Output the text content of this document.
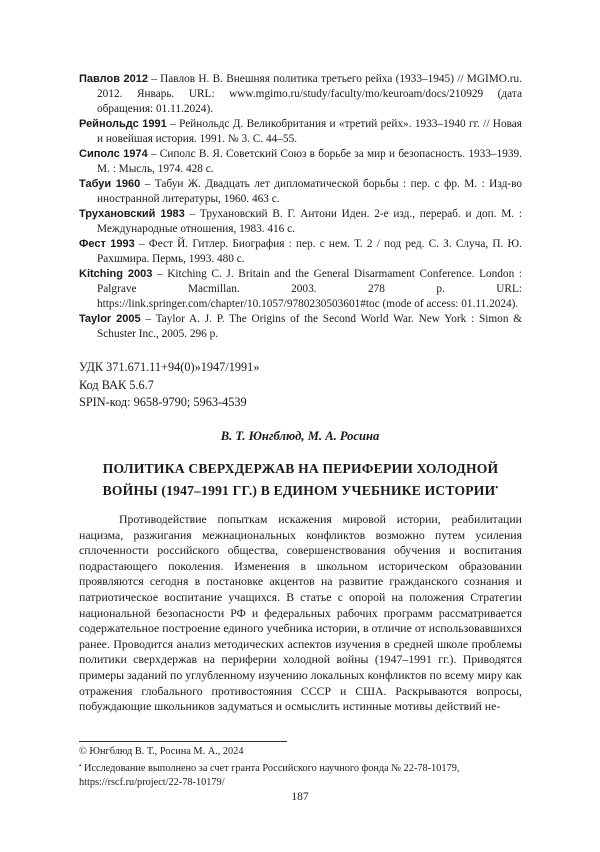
Павлов 2012 – Павлов Н. В. Внешняя политика третьего рейха (1933–1945) // MGIMO.ru. 2012. Январь. URL: www.mgimo.ru/study/faculty/mo/keuroam/docs/210929 (дата обращения: 01.11.2024).

Рейнольдс 1991 – Рейнольдс Д. Великобритания и «третий рейх». 1933–1940 гг. // Новая и новейшая история. 1991. № 3. С. 44–55.

Сиполс 1974 – Сиполс В. Я. Советский Союз в борьбе за мир и безопасность. 1933–1939. М. : Мысль, 1974. 428 с.

Табуи 1960 – Табуи Ж. Двадцать лет дипломатической борьбы : пер. с фр. М. : Изд-во иностранной литературы, 1960. 463 с.

Трухановский 1983 – Трухановский В. Г. Антони Иден. 2-е изд., перераб. и доп. М. : Международные отношения, 1983. 416 с.

Фест 1993 – Фест Й. Гитлер. Биография : пер. с нем. Т. 2 / под ред. С. З. Случа, П. Ю. Рахшмира. Пермь, 1993. 480 с.

Kitching 2003 – Kitching C. J. Britain and the General Disarmament Conference. London : Palgrave Macmillan. 2003. 278 p. URL: https://link.springer.com/chapter/10.1057/9780230503601#toc (mode of access: 01.11.2024).

Taylor 2005 – Taylor A. J. P. The Origins of the Second World War. New York : Simon & Schuster Inc., 2005. 296 p.

УДК 371.671.11+94(0)»1947/1991»
Код ВАК 5.6.7
SPIN-код: 9658-9790; 5963-4539
В. Т. Юнгблюд, М. А. Росина
ПОЛИТИКА СВЕРХДЕРЖАВ НА ПЕРИФЕРИИ ХОЛОДНОЙ ВОЙНЫ (1947–1991 ГГ.) В ЕДИНОМ УЧЕБНИКЕ ИСТОРИИ•

Противодействие попыткам искажения мировой истории, реабилитации нацизма, разжигания межнациональных конфликтов возможно путем усиления сплоченности российского общества, совершенствования обучения и воспитания подрастающего поколения. Изменения в школьном историческом образовании проявляются сегодня в постановке акцентов на развитие гражданского сознания и патриотическое воспитание учащихся. В статье с опорой на положения Стратегии национальной безопасности РФ и федеральных рабочих программ рассматривается содержательное построение единого учебника истории, в отличие от использовавшихся ранее. Проводится анализ методических аспектов изучения в средней школе проблемы политики сверхдержав на периферии холодной войны (1947–1991 гг.). Приводятся примеры заданий по углубленному изучению локальных конфликтов по всему миру как отражения глобального противостояния СССР и США. Раскрываются вопросы, побуждающие школьников задуматься и осмыслить истинные мотивы действий не-

© Юнгблюд В. Т., Росина М. А., 2024
• Исследование выполнено за счет гранта Российского научного фонда № 22-78-10179, https://rscf.ru/project/22-78-10179/
187
